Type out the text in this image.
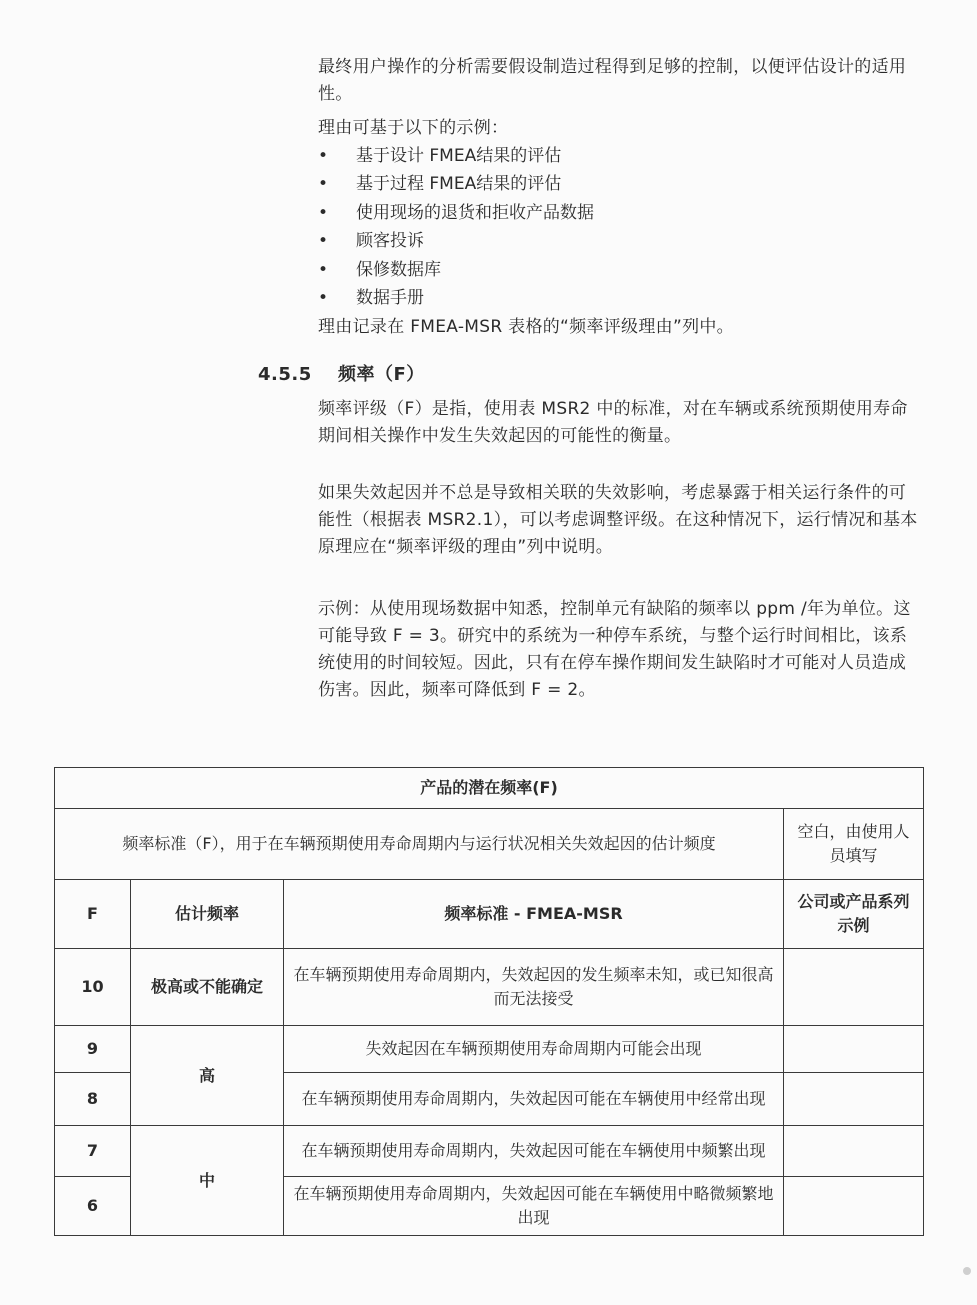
最终用户操作的分析需要假设制造过程得到足够的控制，以便评估设计的适用性。
理由可基于以下的示例：
• 基于设计 FMEA结果的评估
• 基于过程 FMEA结果的评估
• 使用现场的退货和拒收产品数据
• 顾客投诉
• 保修数据库
• 数据手册
理由记录在 FMEA-MSR 表格的“频率评级理由”列中。
4.5.5 频率（F）
频率评级（F）是指，使用表 MSR2 中的标准，对在车辆或系统预期使用寿命期间相关操作中发生失效起因的可能性的衡量。
如果失效起因并不总是导致相关联的失效影响，考虑暴露于相关运行条件的可能性（根据表 MSR2.1），可以考虑调整评级。在这种情况下，运行情况和基本原理应在“频率评级的理由”列中说明。
示例：从使用现场数据中知悉，控制单元有缺陷的频率以 ppm /年为单位。这可能导致 F = 3。研究中的系统为一种停车系统，与整个运行时间相比，该系统使用的时间较短。因此，只有在停车操作期间发生缺陷时才可能对人员造成伤害。因此，频率可降低到 F = 2。
产品的潜在频率(F)			
频率标准（F），用于在车辆预期使用寿命周期内与运行状况相关失效起因的估计频度			空白，由使用人员填写
F	估计频率	频率标准 - FMEA-MSR	公司或产品系列示例
10	极高或不能确定	在车辆预期使用寿命周期内，失效起因的发生频率未知，或已知很高而无法接受	
9	高	失效起因在车辆预期使用寿命周期内可能会出现	
8		在车辆预期使用寿命周期内，失效起因可能在车辆使用中经常出现	
7	中	在车辆预期使用寿命周期内，失效起因可能在车辆使用中频繁出现	
6		在车辆预期使用寿命周期内，失效起因可能在车辆使用中略微频繁地出现	
